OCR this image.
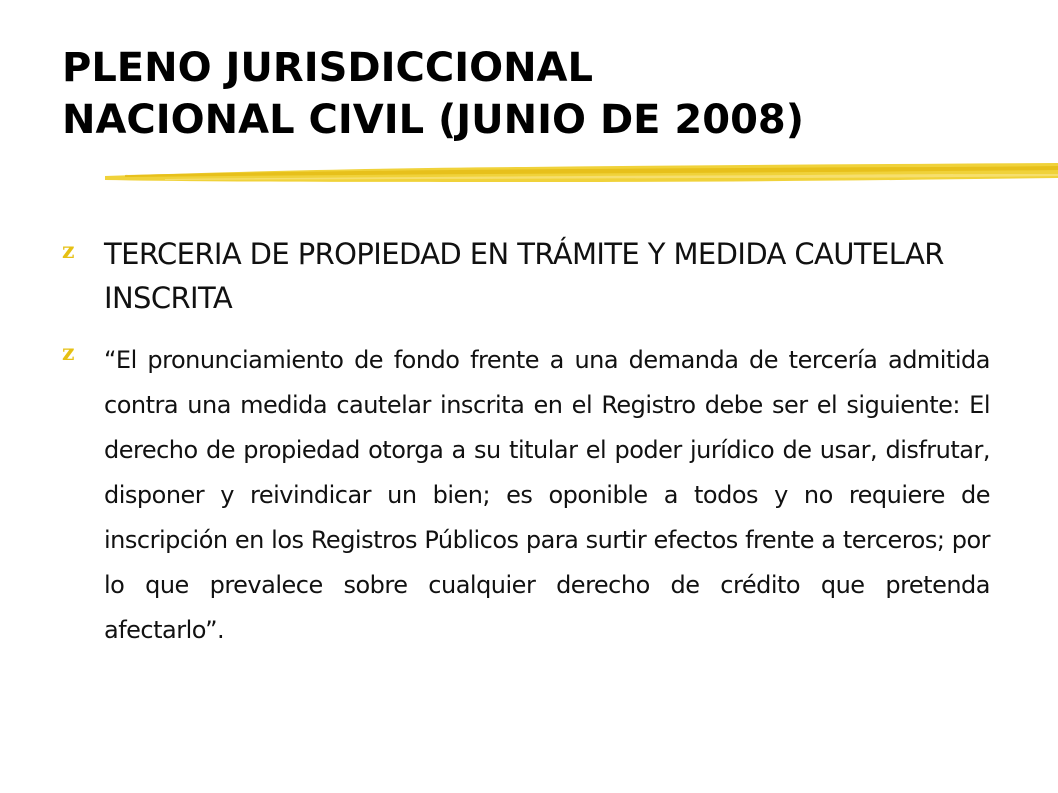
PLENO JURISDICCIONAL
NACIONAL CIVIL (JUNIO DE 2008)
z	TERCERIA DE PROPIEDAD EN TRÁMITE Y MEDIDA CAUTELAR INSCRITA
z	“El pronunciamiento de fondo frente a una demanda de tercería admitida contra una medida cautelar inscrita en el Registro debe ser el siguiente: El derecho de propiedad otorga a su titular el poder jurídico de usar, disfrutar, disponer y reivindicar un bien; es oponible a todos y no requiere de inscripción en los Registros Públicos para surtir efectos frente a terceros; por lo que prevalece sobre cualquier derecho de crédito que pretenda afectarlo”.
